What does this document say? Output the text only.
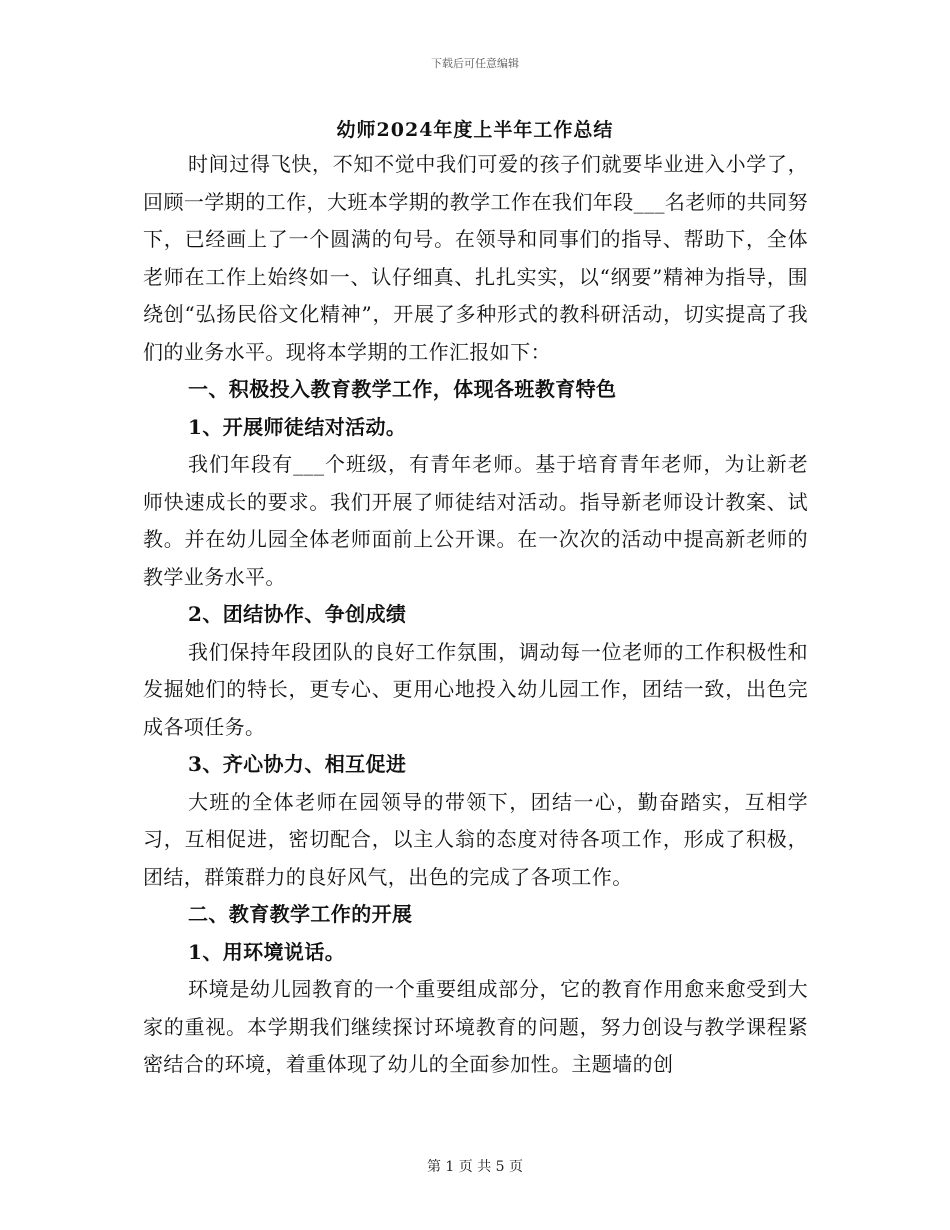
下载后可任意编辑
幼师2024年度上半年工作总结

时间过得飞快，不知不觉中我们可爱的孩子们就要毕业进入小学了，回顾一学期的工作，大班本学期的教学工作在我们年段___名老师的共同努下，已经画上了一个圆满的句号。在领导和同事们的指导、帮助下，全体老师在工作上始终如一、认仔细真、扎扎实实，以“纲要”精神为指导，围绕创“弘扬民俗文化精神”，开展了多种形式的教科研活动，切实提高了我们的业务水平。现将本学期的工作汇报如下：

一、积极投入教育教学工作，体现各班教育特色

1、开展师徒结对活动。

我们年段有___个班级，有青年老师。基于培育青年老师，为让新老师快速成长的要求。我们开展了师徒结对活动。指导新老师设计教案、试教。并在幼儿园全体老师面前上公开课。在一次次的活动中提高新老师的教学业务水平。

2、团结协作、争创成绩

我们保持年段团队的良好工作氛围，调动每一位老师的工作积极性和发掘她们的特长，更专心、更用心地投入幼儿园工作，团结一致，出色完成各项任务。

3、齐心协力、相互促进

大班的全体老师在园领导的带领下，团结一心，勤奋踏实，互相学习，互相促进，密切配合，以主人翁的态度对待各项工作，形成了积极，团结，群策群力的良好风气，出色的完成了各项工作。

二、教育教学工作的开展

1、用环境说话。

环境是幼儿园教育的一个重要组成部分，它的教育作用愈来愈受到大家的重视。本学期我们继续探讨环境教育的问题，努力创设与教学课程紧密结合的环境，着重体现了幼儿的全面参加性。主题墙的创

第 1 页 共 5 页
